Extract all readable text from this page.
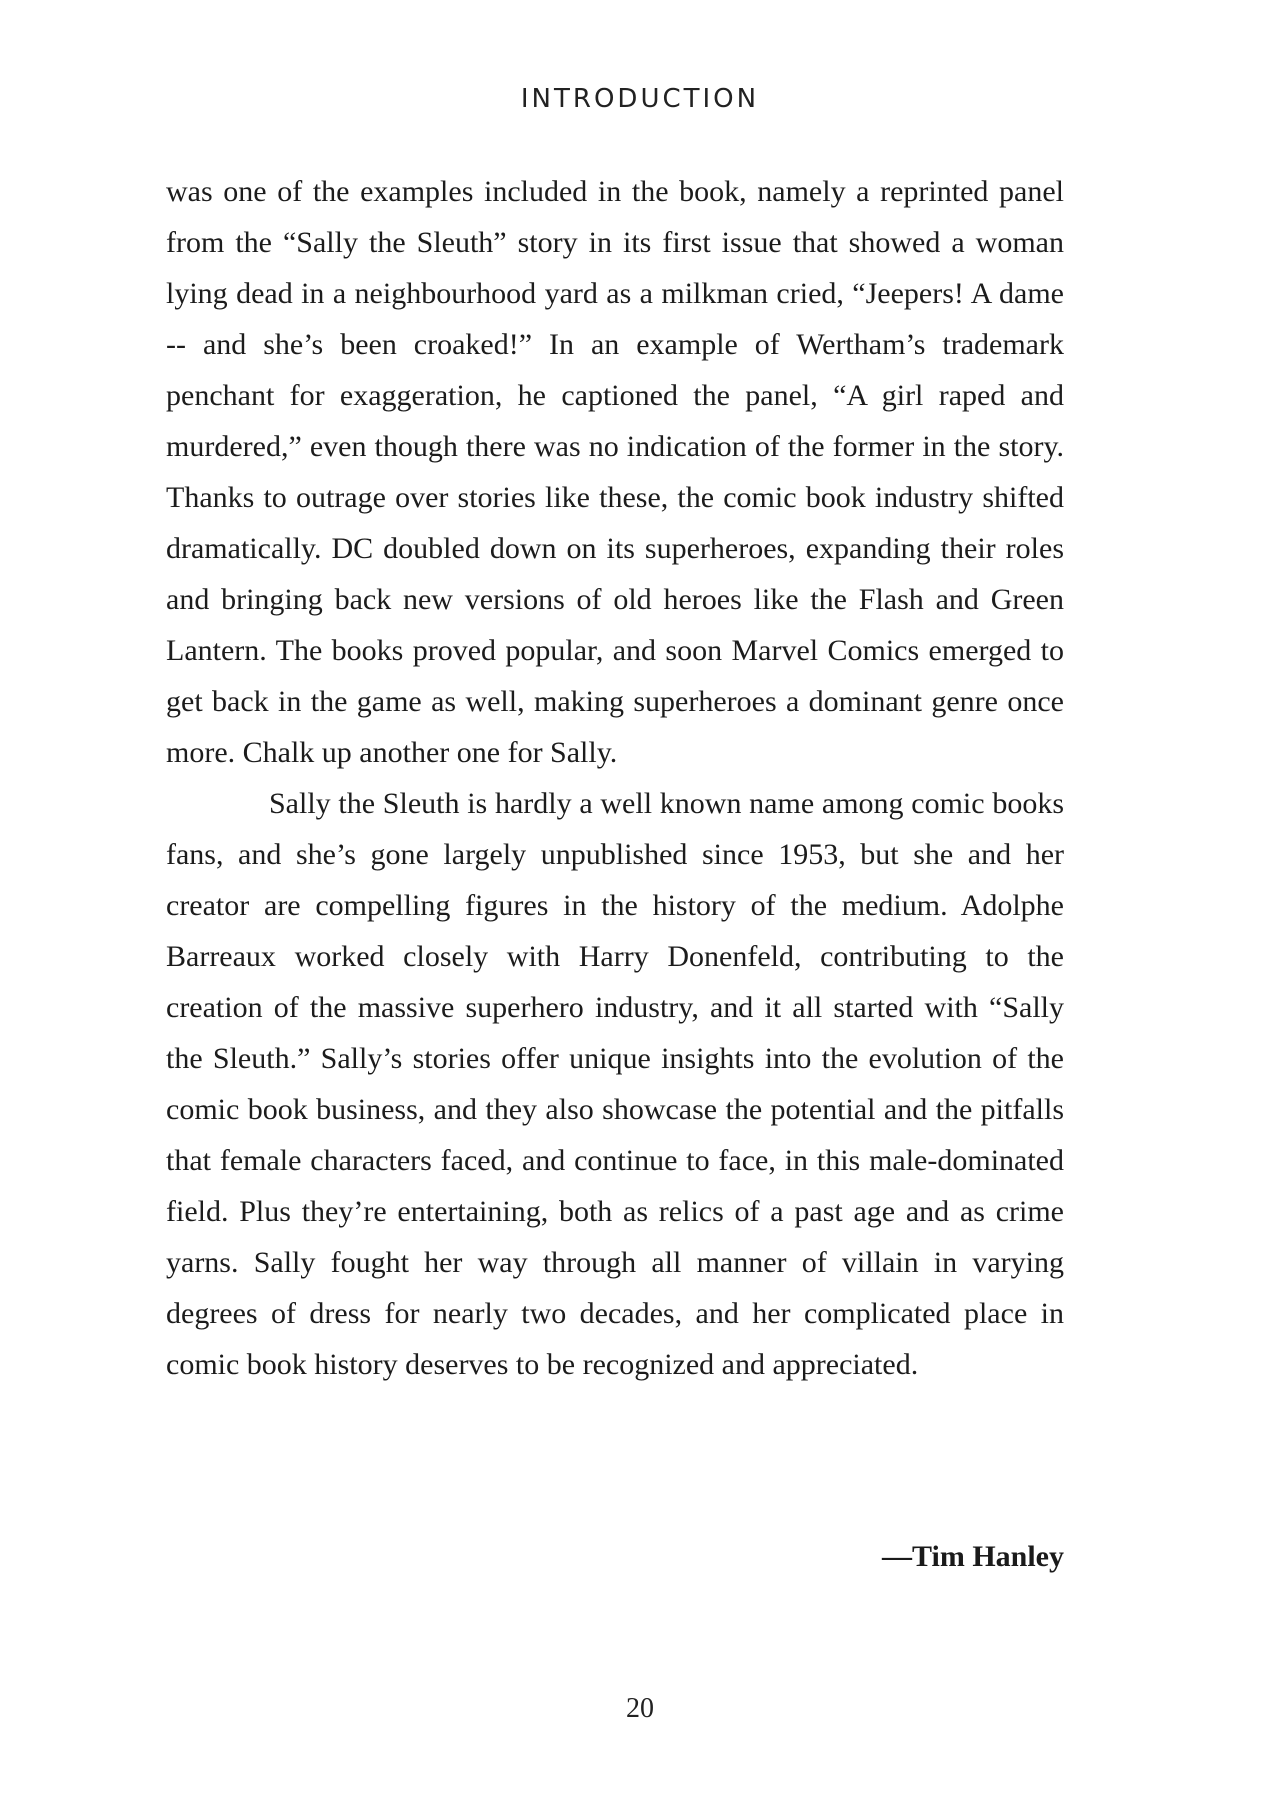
INTRODUCTION

was one of the examples included in the book, namely a reprinted panel from the “Sally the Sleuth” story in its first issue that showed a woman lying dead in a neighbourhood yard as a milkman cried, “Jeepers! A dame -- and she’s been croaked!” In an example of Wertham’s trademark penchant for exaggeration, he captioned the panel, “A girl raped and murdered,” even though there was no indication of the former in the story. Thanks to outrage over stories like these, the comic book industry shifted dramatically. DC doubled down on its superheroes, expanding their roles and bringing back new versions of old heroes like the Flash and Green Lantern. The books proved popular, and soon Marvel Comics emerged to get back in the game as well, making superheroes a dominant genre once more. Chalk up another one for Sally.

Sally the Sleuth is hardly a well known name among comic books fans, and she’s gone largely unpublished since 1953, but she and her creator are compelling figures in the history of the medium. Adolphe Barreaux worked closely with Harry Donenfeld, contributing to the creation of the massive superhero industry, and it all started with “Sally the Sleuth.” Sally’s stories offer unique insights into the evolution of the comic book business, and they also showcase the potential and the pitfalls that female characters faced, and continue to face, in this male-dominated field. Plus they’re entertaining, both as relics of a past age and as crime yarns. Sally fought her way through all manner of villain in varying degrees of dress for nearly two decades, and her complicated place in comic book history deserves to be recognized and appreciated.

—Tim Hanley
20
